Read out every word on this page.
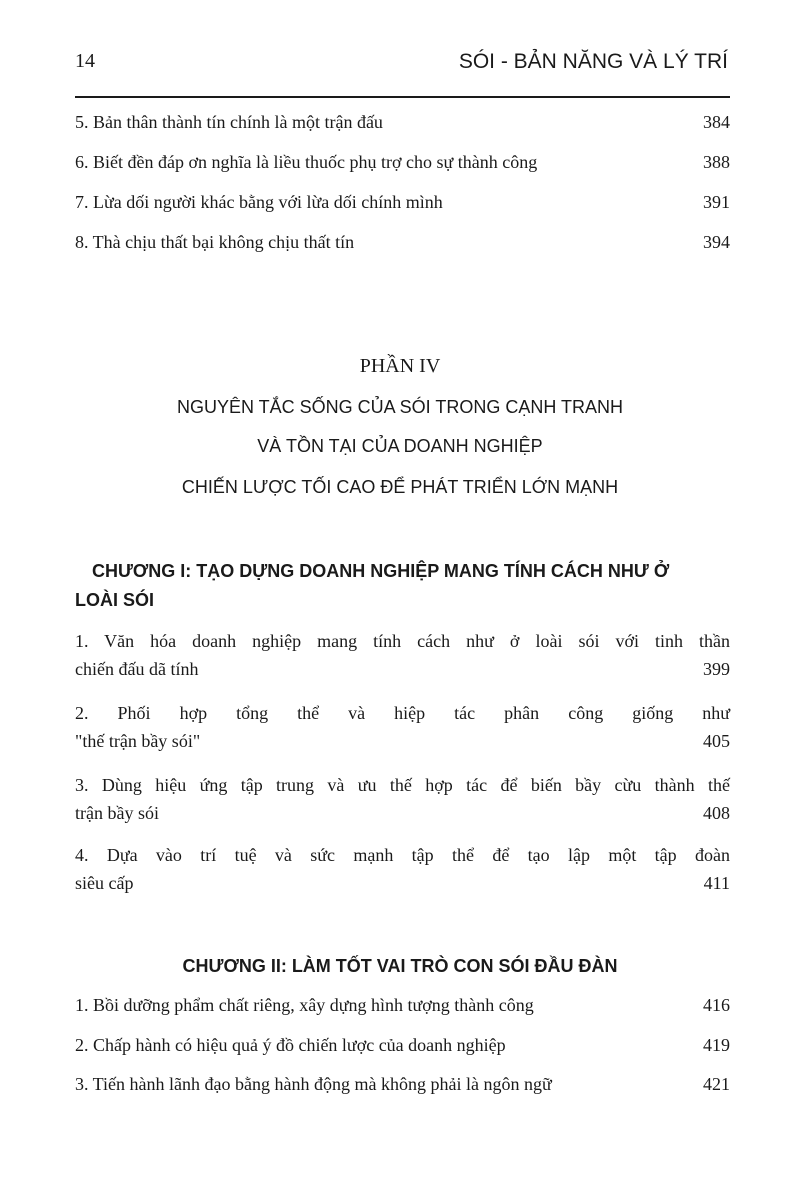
14	SÓI - BẢN NĂNG VÀ LÝ TRÍ
5. Bản thân thành tín chính là một trận đấu	384
6. Biết đền đáp ơn nghĩa là liều thuốc phụ trợ cho sự thành công	388
7. Lừa dối người khác bằng với lừa dối chính mình	391
8. Thà chịu thất bại không chịu thất tín	394
PHẦN IV
NGUYÊN TẮC SỐNG CỦA SÓI TRONG CẠNH TRANH
VÀ TỒN TẠI CỦA DOANH NGHIỆP
CHIẾN LƯỢC TỐI CAO ĐỂ PHÁT TRIỂN LỚN MẠNH
CHƯƠNG I: TẠO DỰNG DOANH NGHIỆP MANG TÍNH CÁCH NHƯ Ở
LOÀI SÓI
1. Văn hóa doanh nghiệp mang tính cách như ở loài sói với tinh thần
chiến đấu dã tính	399
2. Phối hợp tổng thể và hiệp tác phân công giống như
"thế trận bầy sói"	405
3. Dùng hiệu ứng tập trung và ưu thế hợp tác để biến bầy cừu thành thế
trận bầy sói	408
4. Dựa vào trí tuệ và sức mạnh tập thể để tạo lập một tập đoàn
siêu cấp	411
CHƯƠNG II: LÀM TỐT VAI TRÒ CON SÓI ĐẦU ĐÀN
1. Bồi dưỡng phẩm chất riêng, xây dựng hình tượng thành công	416
2. Chấp hành có hiệu quả ý đồ chiến lược của doanh nghiệp	419
3. Tiến hành lãnh đạo bằng hành động mà không phải là ngôn ngữ	421
